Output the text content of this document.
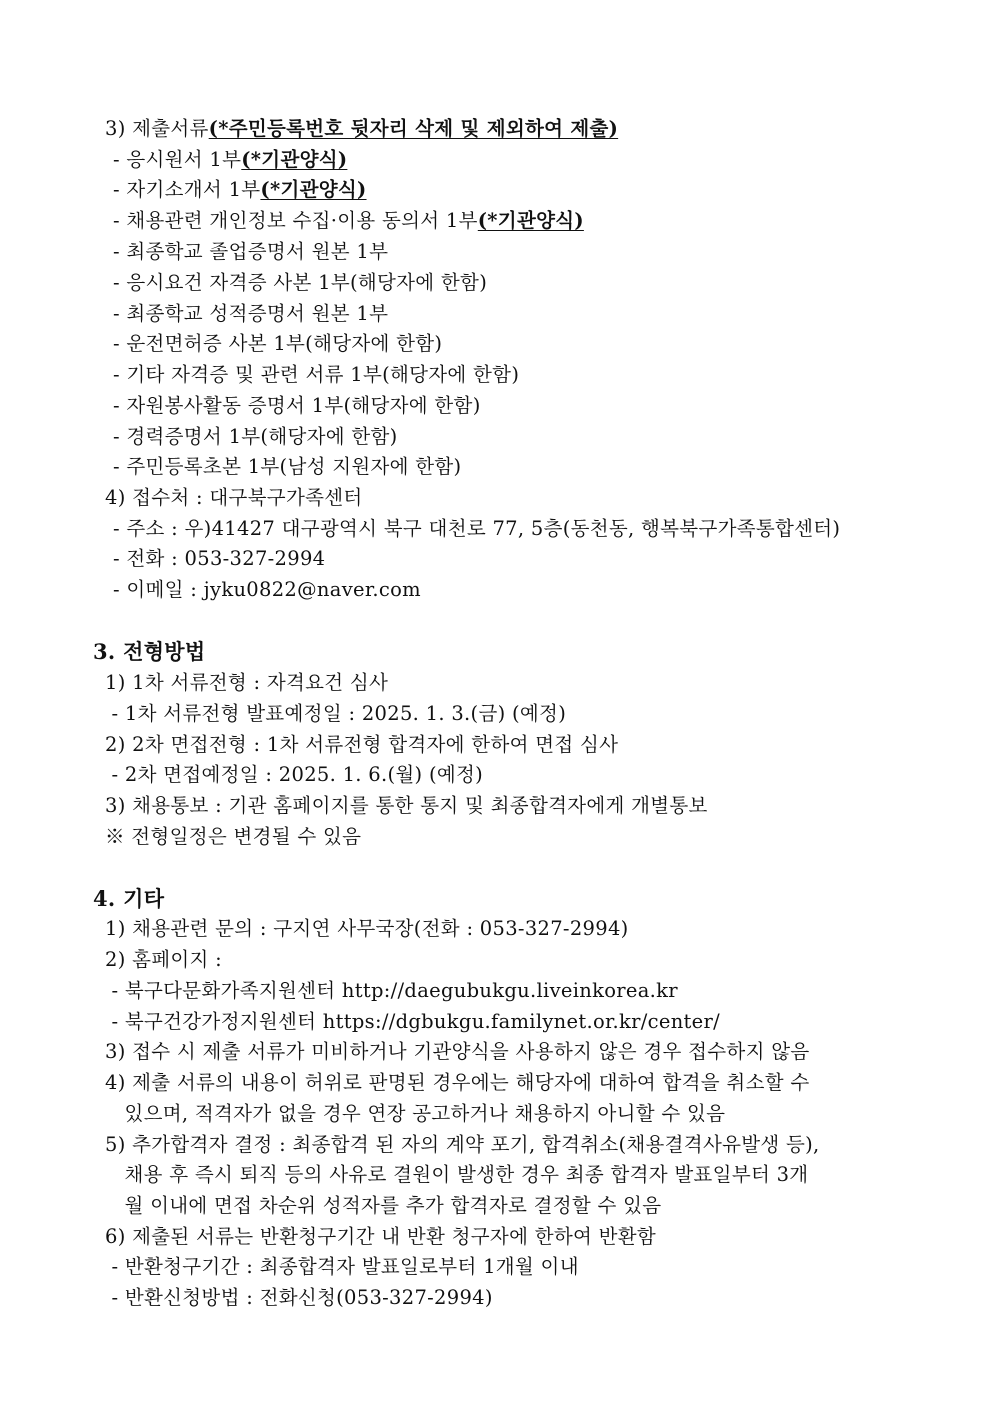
3) 제출서류(*주민등록번호 뒷자리 삭제 및 제외하여 제출)
- 응시원서 1부(*기관양식)
- 자기소개서 1부(*기관양식)
- 채용관련 개인정보 수집·이용 동의서 1부(*기관양식)
- 최종학교 졸업증명서 원본 1부
- 응시요건 자격증 사본 1부(해당자에 한함)
- 최종학교 성적증명서 원본 1부
- 운전면허증 사본 1부(해당자에 한함)
- 기타 자격증 및 관련 서류 1부(해당자에 한함)
- 자원봉사활동 증명서 1부(해당자에 한함)
- 경력증명서 1부(해당자에 한함)
- 주민등록초본 1부(남성 지원자에 한함)
4) 접수처 : 대구북구가족센터
- 주소 : 우)41427 대구광역시 북구 대천로 77, 5층(동천동, 행복북구가족통합센터)
- 전화 : 053-327-2994
- 이메일 : jyku0822@naver.com
3. 전형방법
1) 1차 서류전형 : 자격요건 심사
- 1차 서류전형 발표예정일 : 2025. 1. 3.(금) (예정)
2) 2차 면접전형 : 1차 서류전형 합격자에 한하여 면접 심사
- 2차 면접예정일 : 2025. 1. 6.(월) (예정)
3) 채용통보 : 기관 홈페이지를 통한 통지 및 최종합격자에게 개별통보
※ 전형일정은 변경될 수 있음
4. 기타
1) 채용관련 문의 : 구지연 사무국장(전화 : 053-327-2994)
2) 홈페이지 :
- 북구다문화가족지원센터 http://daegubukgu.liveinkorea.kr
- 북구건강가정지원센터 https://dgbukgu.familynet.or.kr/center/
3) 접수 시 제출 서류가 미비하거나 기관양식을 사용하지 않은 경우 접수하지 않음
4) 제출 서류의 내용이 허위로 판명된 경우에는 해당자에 대하여 합격을 취소할 수
있으며, 적격자가 없을 경우 연장 공고하거나 채용하지 아니할 수 있음
5) 추가합격자 결정 : 최종합격 된 자의 계약 포기, 합격취소(채용결격사유발생 등),
채용 후 즉시 퇴직 등의 사유로 결원이 발생한 경우 최종 합격자 발표일부터 3개
월 이내에 면접 차순위 성적자를 추가 합격자로 결정할 수 있음
6) 제출된 서류는 반환청구기간 내 반환 청구자에 한하여 반환함
- 반환청구기간 : 최종합격자 발표일로부터 1개월 이내
- 반환신청방법 : 전화신청(053-327-2994)
